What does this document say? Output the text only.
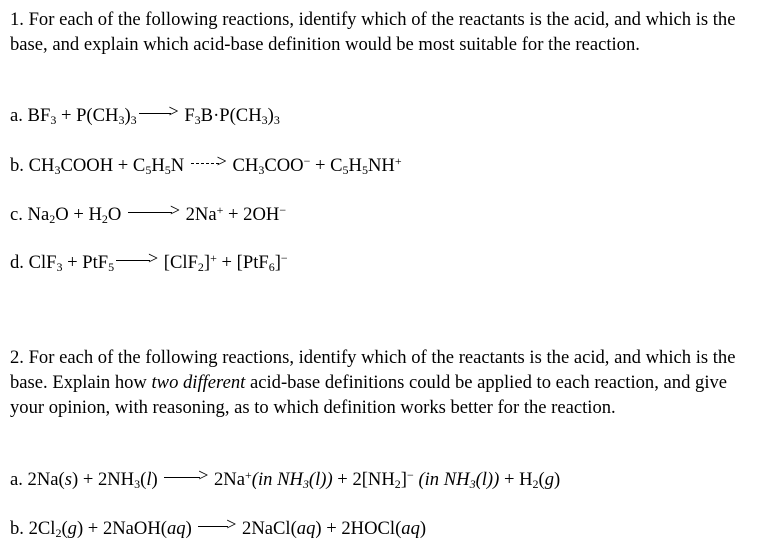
1. For each of the following reactions, identify which of the reactants is the acid, and which is the base, and explain which acid-base definition would be most suitable for the reaction.
a. $BF_3 + P(CH_3)_3 > F_3B\cdot P(CH_3)_3$
b. $CH_3COOH + C_5H_5N > CH_3COO^- + C_5H_5NH^+$
c. $Na_2O + H_2O > 2Na^+ + 2OH^-$
d. ClF$_3$ + PtF$_5$ > [ClF$_2$]+ + [PtF$_6$]−
2. For each of the following reactions, identify which of the reactants is the acid, and which is the base. Explain how two different acid-base definitions could be applied to each reaction, and give your opinion, with reasoning, as to which definition works better for the reaction.
a. $2Na(s) + 2NH_3(l) > 2Na^+(in$ $NH_3(l)) + 2[NH_2]^-$ (in $NH_3(l)) + H_2(g)$
b. $2Cl_2(g)$ + 2NaOH(aq) > 2NaCl(aq) + 2HOCl(aq)
